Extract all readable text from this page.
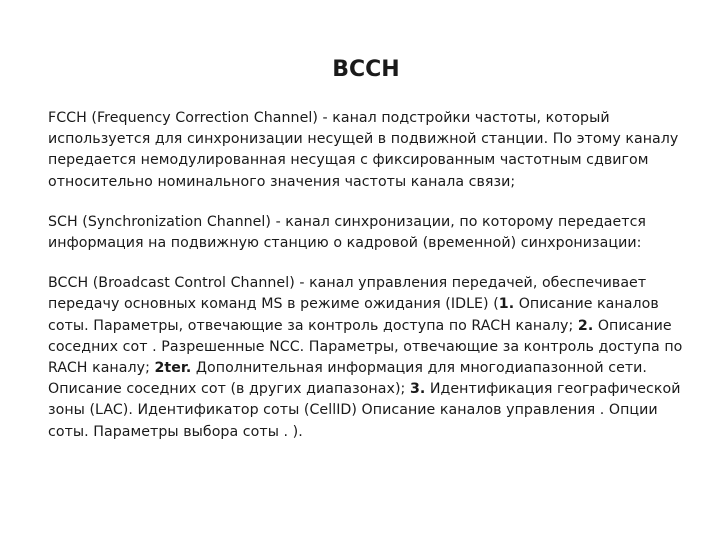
BCCH

FCCH (Frequency Correction Channel) - канал подстройки частоты, который
используется для синхронизации несущей в подвижной станции. По этому каналу
передается немодулированная несущая с фиксированным частотным сдвигом
относительно номинального значения частоты канала связи;

SCH (Synchronization Channel) - канал синхронизации, по которому передается
информация на подвижную станцию о кадровой (временной) синхронизации:

BCCH (Broadcast Control Channel) - канал управления передачей, обеспечивает
передачу основных команд MS в режиме ожидания (IDLE) (1. Описание каналов
соты. Параметры, отвечающие за контроль доступа по RACH каналу; 2. Описание
соседних сот . Разрешенные NCC. Параметры, отвечающие за контроль доступа по
RACH каналу; 2ter. Дополнительная информация для многодиапазонной сети.
Описание соседних сот (в других диапазонах); 3. Идентификация географической
зоны (LAC). Идентификатор соты (CellID) Описание каналов управления . Опции
соты. Параметры выбора соты . ).
